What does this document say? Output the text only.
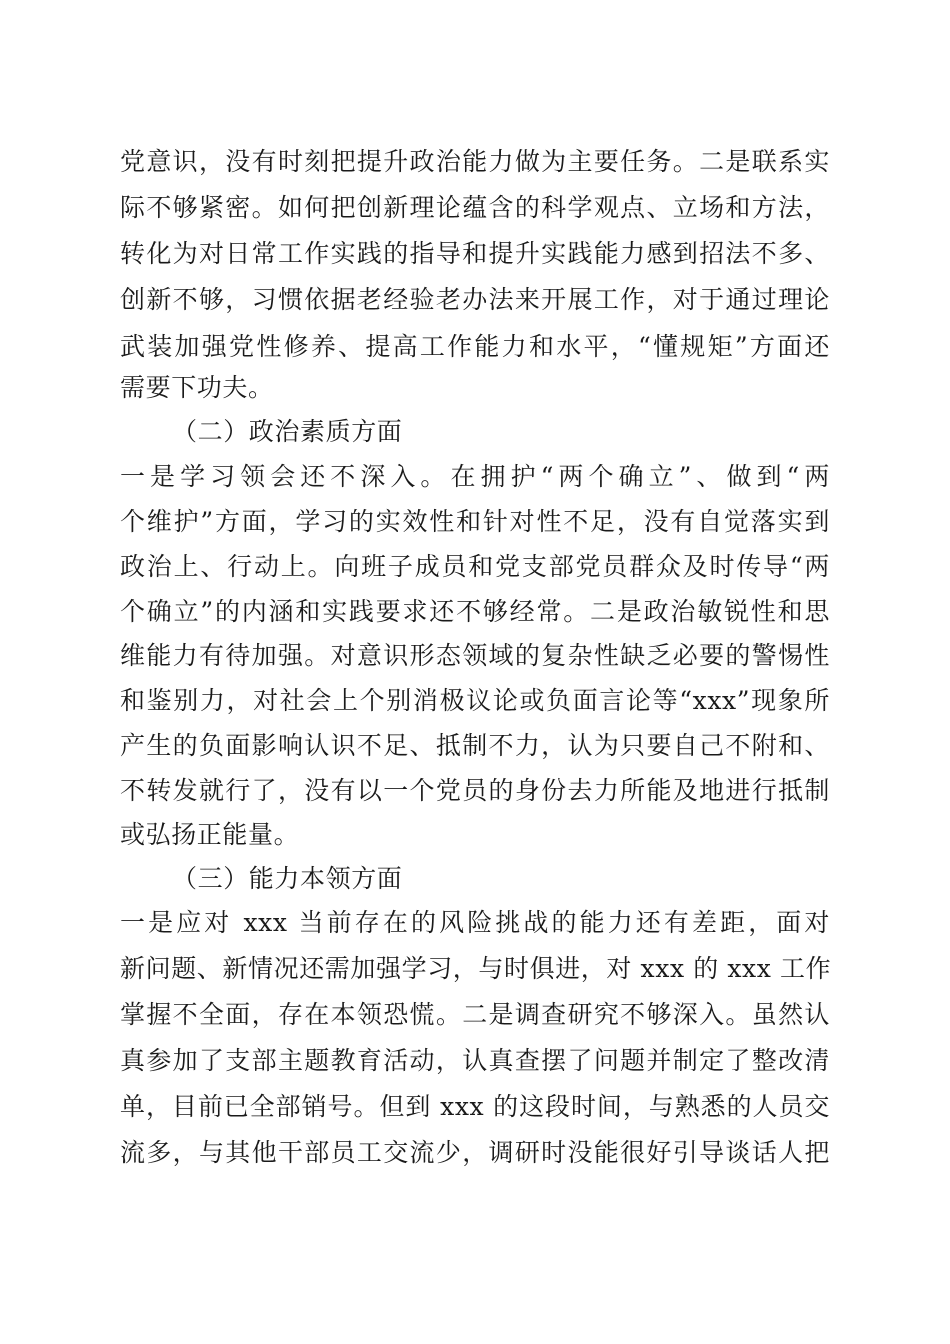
党意识，没有时刻把提升政治能力做为主要任务。二是联系实
际不够紧密。如何把创新理论蕴含的科学观点、立场和方法，
转化为对日常工作实践的指导和提升实践能力感到招法不多、
创新不够，习惯依据老经验老办法来开展工作，对于通过理论
武装加强党性修养、提高工作能力和水平，“懂规矩”方面还
需要下功夫。
（二）政治素质方面
一是学习领会还不深入。在拥护“两个确立”、做到“两
个维护”方面，学习的实效性和针对性不足，没有自觉落实到
政治上、行动上。向班子成员和党支部党员群众及时传导“两
个确立”的内涵和实践要求还不够经常。二是政治敏锐性和思
维能力有待加强。对意识形态领域的复杂性缺乏必要的警惕性
和鉴别力，对社会上个别消极议论或负面言论等“xxx”现象所
产生的负面影响认识不足、抵制不力，认为只要自己不附和、
不转发就行了，没有以一个党员的身份去力所能及地进行抵制
或弘扬正能量。
（三）能力本领方面
一是应对 xxx 当前存在的风险挑战的能力还有差距，面对
新问题、新情况还需加强学习，与时俱进，对 xxx 的 xxx 工作
掌握不全面，存在本领恐慌。二是调查研究不够深入。虽然认
真参加了支部主题教育活动，认真查摆了问题并制定了整改清
单，目前已全部销号。但到 xxx 的这段时间，与熟悉的人员交
流多，与其他干部员工交流少，调研时没能很好引导谈话人把
